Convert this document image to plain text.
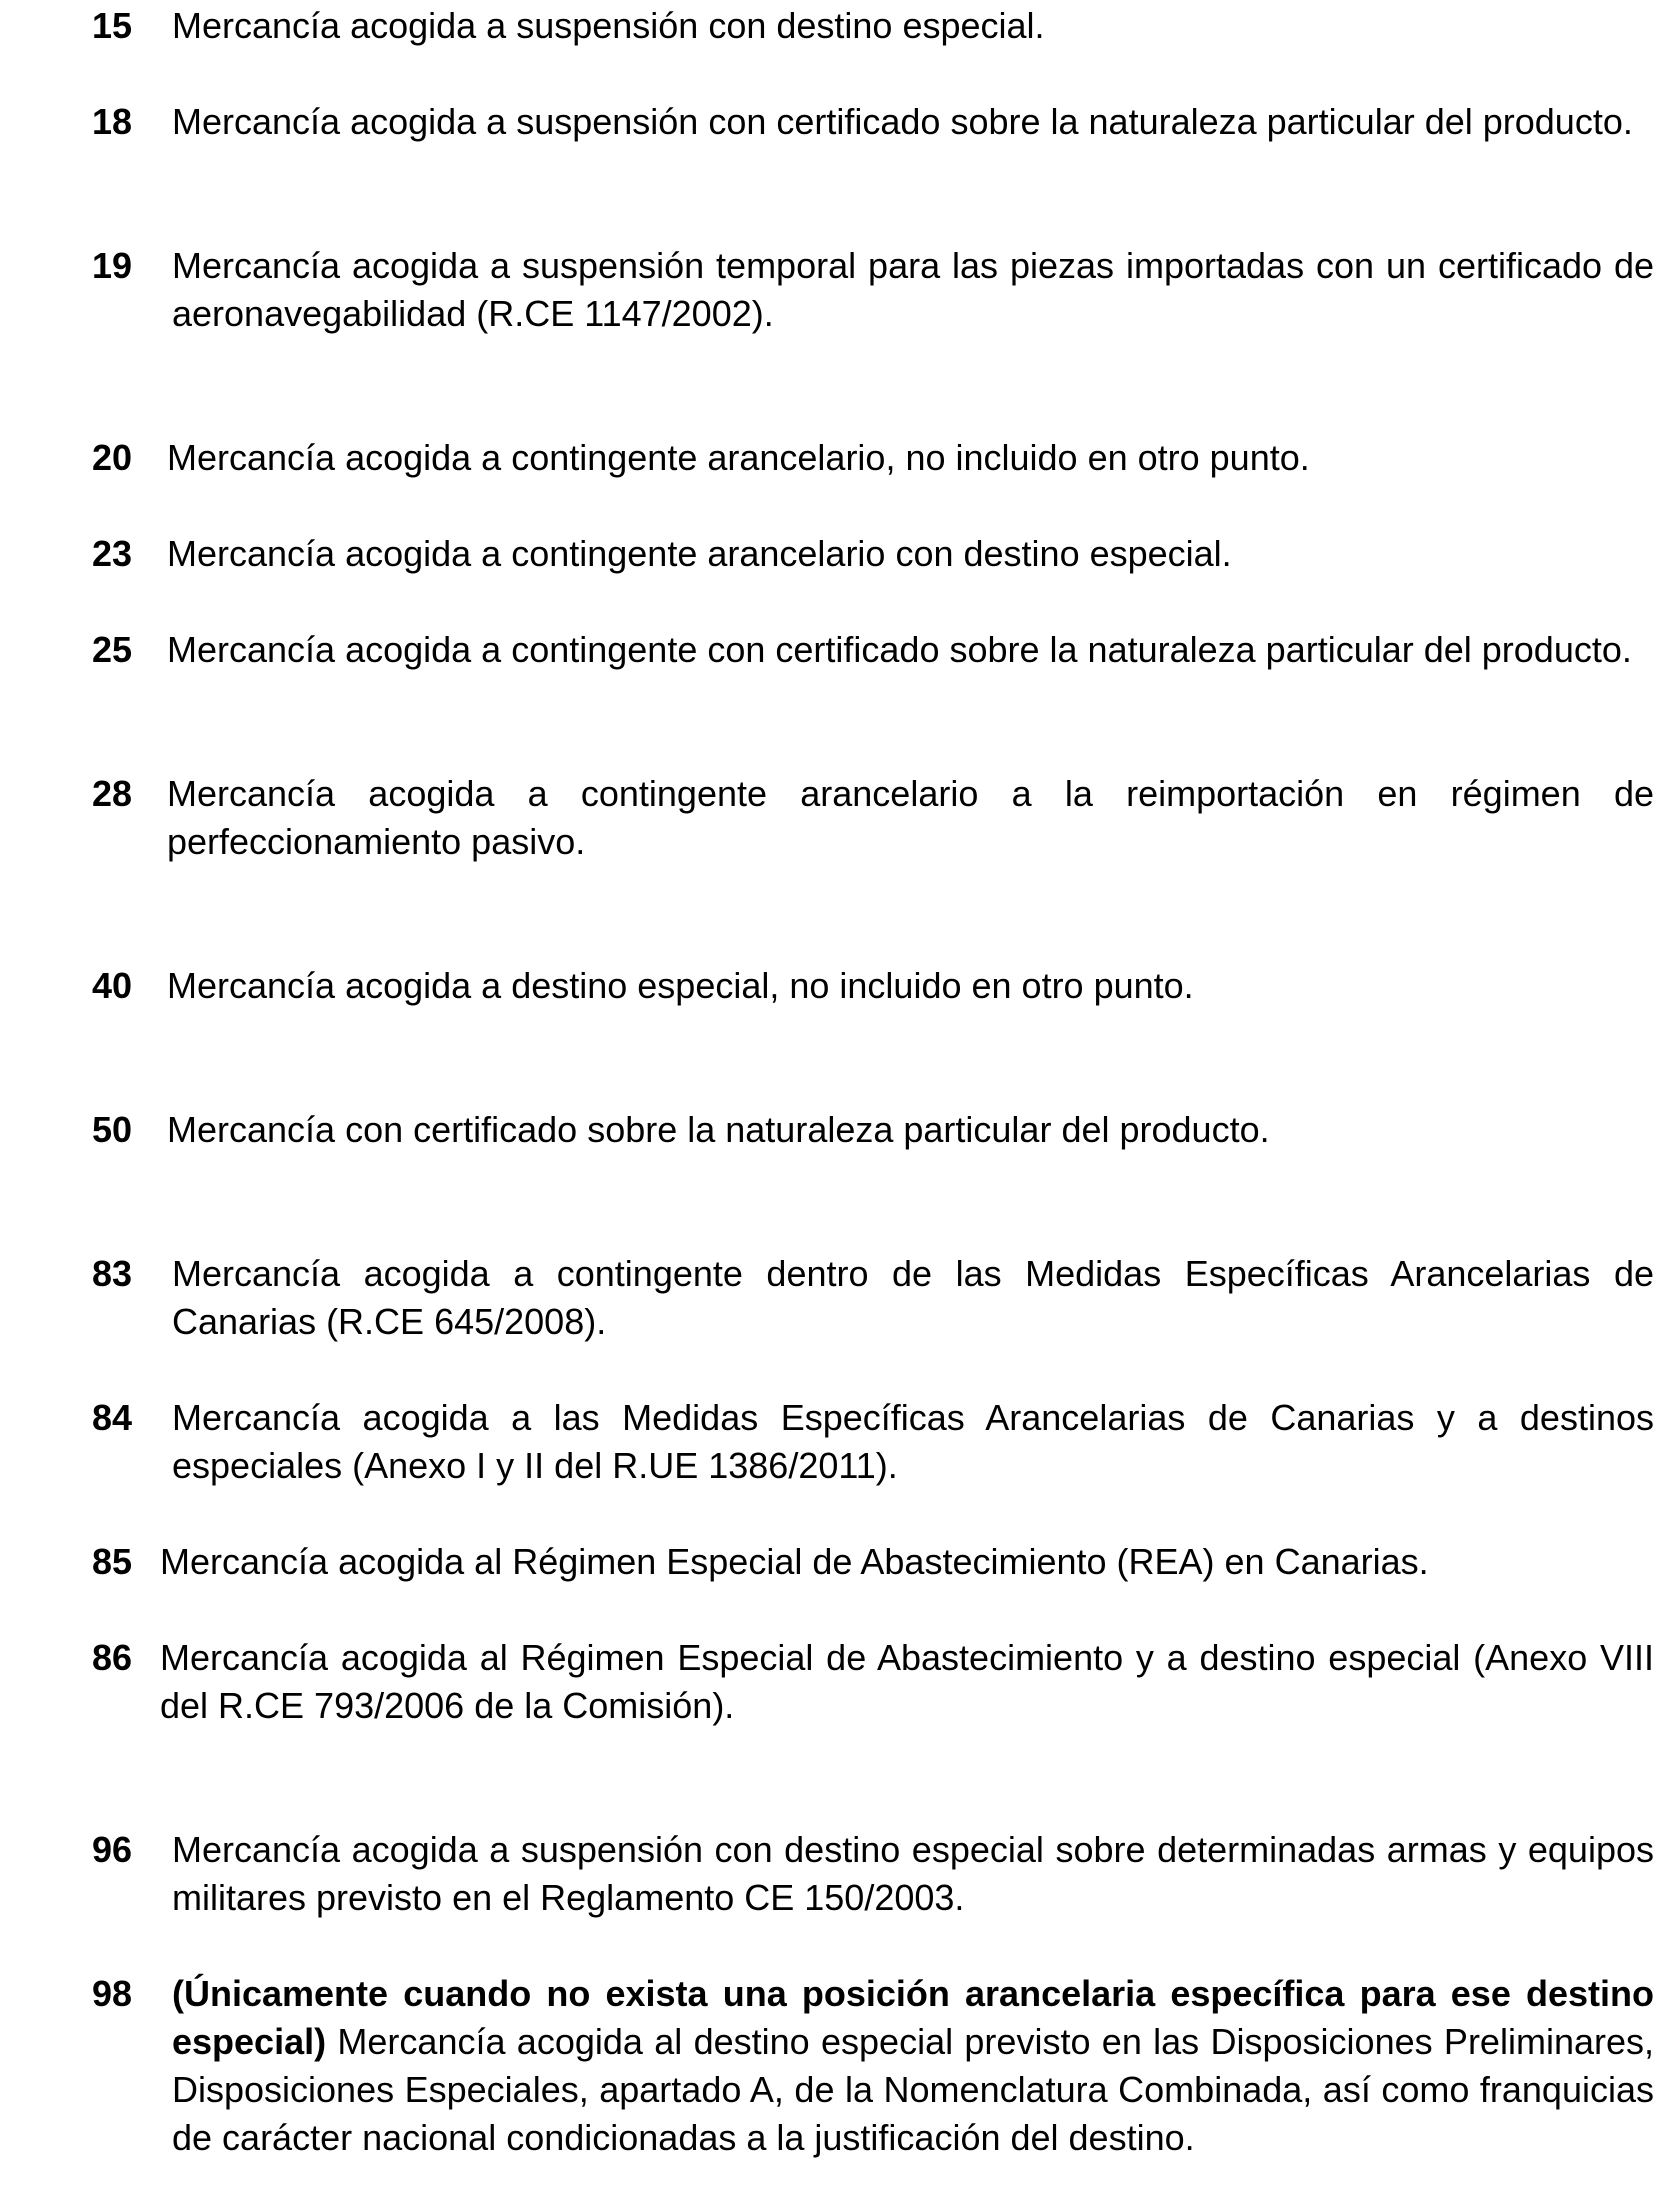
15 Mercancía acogida a suspensión con destino especial.
18 Mercancía acogida a suspensión con certificado sobre la naturaleza particular del producto.
19 Mercancía acogida a suspensión temporal para las piezas importadas con un certificado de aeronavegabilidad (R.CE 1147/2002).
20 Mercancía acogida a contingente arancelario, no incluido en otro punto.
23 Mercancía acogida a contingente arancelario con destino especial.
25 Mercancía acogida a contingente con certificado sobre la naturaleza particular del producto.
28 Mercancía acogida a contingente arancelario a la reimportación en régimen de perfeccionamiento pasivo.
40 Mercancía acogida a destino especial, no incluido en otro punto.
50 Mercancía con certificado sobre la naturaleza particular del producto.
83 Mercancía acogida a contingente dentro de las Medidas Específicas Arancelarias de Canarias (R.CE 645/2008).
84 Mercancía acogida a las Medidas Específicas Arancelarias de Canarias y a destinos especiales (Anexo I y II del R.UE 1386/2011).
85 Mercancía acogida al Régimen Especial de Abastecimiento (REA) en Canarias.
86 Mercancía acogida al Régimen Especial de Abastecimiento y a destino especial (Anexo VIII del R.CE 793/2006 de la Comisión).
96 Mercancía acogida a suspensión con destino especial sobre determinadas armas y equipos militares previsto en el Reglamento CE 150/2003.
98 (Únicamente cuando no exista una posición arancelaria específica para ese destino especial) Mercancía acogida al destino especial previsto en las Disposiciones Preliminares, Disposiciones Especiales, apartado A, de la Nomenclatura Combinada, así como franquicias de carácter nacional condicionadas a la justificación del destino.
